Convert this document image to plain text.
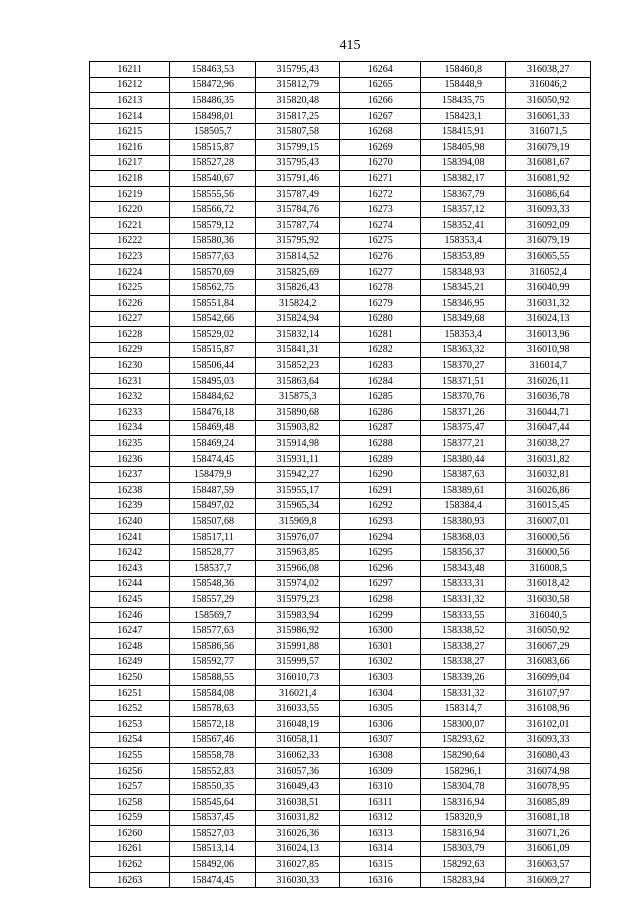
415
16211	158463,53	315795,43	16264	158460,8	316038,27
16212	158472,96	315812,79	16265	158448,9	316046,2
16213	158486,35	315820,48	16266	158435,75	316050,92
16214	158498,01	315817,25	16267	158423,1	316061,33
16215	158505,7	315807,58	16268	158415,91	316071,5
16216	158515,87	315799,15	16269	158405,98	316079,19
16217	158527,28	315795,43	16270	158394,08	316081,67
16218	158540,67	315791,46	16271	158382,17	316081,92
16219	158555,56	315787,49	16272	158367,79	316086,64
16220	158566,72	315784,76	16273	158357,12	316093,33
16221	158579,12	315787,74	16274	158352,41	316092,09
16222	158580,36	315795,92	16275	158353,4	316079,19
16223	158577,63	315814,52	16276	158353,89	316065,55
16224	158570,69	315825,69	16277	158348,93	316052,4
16225	158562,75	315826,43	16278	158345,21	316040,99
16226	158551,84	315824,2	16279	158346,95	316031,32
16227	158542,66	315824,94	16280	158349,68	316024,13
16228	158529,02	315832,14	16281	158353,4	316013,96
16229	158515,87	315841,31	16282	158363,32	316010,98
16230	158506,44	315852,23	16283	158370,27	316014,7
16231	158495,03	315863,64	16284	158371,51	316026,11
16232	158484,62	315875,3	16285	158370,76	316036,78
16233	158476,18	315890,68	16286	158371,26	316044,71
16234	158469,48	315903,82	16287	158375,47	316047,44
16235	158469,24	315914,98	16288	158377,21	316038,27
16236	158474,45	315931,11	16289	158380,44	316031,82
16237	158479,9	315942,27	16290	158387,63	316032,81
16238	158487,59	315955,17	16291	158389,61	316026,86
16239	158497,02	315965,34	16292	158384,4	316015,45
16240	158507,68	315969,8	16293	158380,93	316007,01
16241	158517,11	315976,07	16294	158368,03	316000,56
16242	158528,77	315963,85	16295	158356,37	316000,56
16243	158537,7	315966,08	16296	158343,48	316008,5
16244	158548,36	315974,02	16297	158333,31	316018,42
16245	158557,29	315979,23	16298	158331,32	316030,58
16246	158569,7	315983,94	16299	158333,55	316040,5
16247	158577,63	315986,92	16300	158338,52	316050,92
16248	158586,56	315991,88	16301	158338,27	316067,29
16249	158592,77	315999,57	16302	158338,27	316083,66
16250	158588,55	316010,73	16303	158339,26	316099,04
16251	158584,08	316021,4	16304	158331,32	316107,97
16252	158578,63	316033,55	16305	158314,7	316108,96
16253	158572,18	316048,19	16306	158300,07	316102,01
16254	158567,46	316058,11	16307	158293,62	316093,33
16255	158558,78	316062,33	16308	158290,64	316080,43
16256	158552,83	316057,36	16309	158296,1	316074,98
16257	158550,35	316049,43	16310	158304,78	316078,95
16258	158545,64	316038,51	16311	158316,94	316085,89
16259	158537,45	316031,82	16312	158320,9	316081,18
16260	158527,03	316026,36	16313	158316,94	316071,26
16261	158513,14	316024,13	16314	158303,79	316061,09
16262	158492,06	316027,85	16315	158292,63	316063,57
16263	158474,45	316030,33	16316	158283,94	316069,27
